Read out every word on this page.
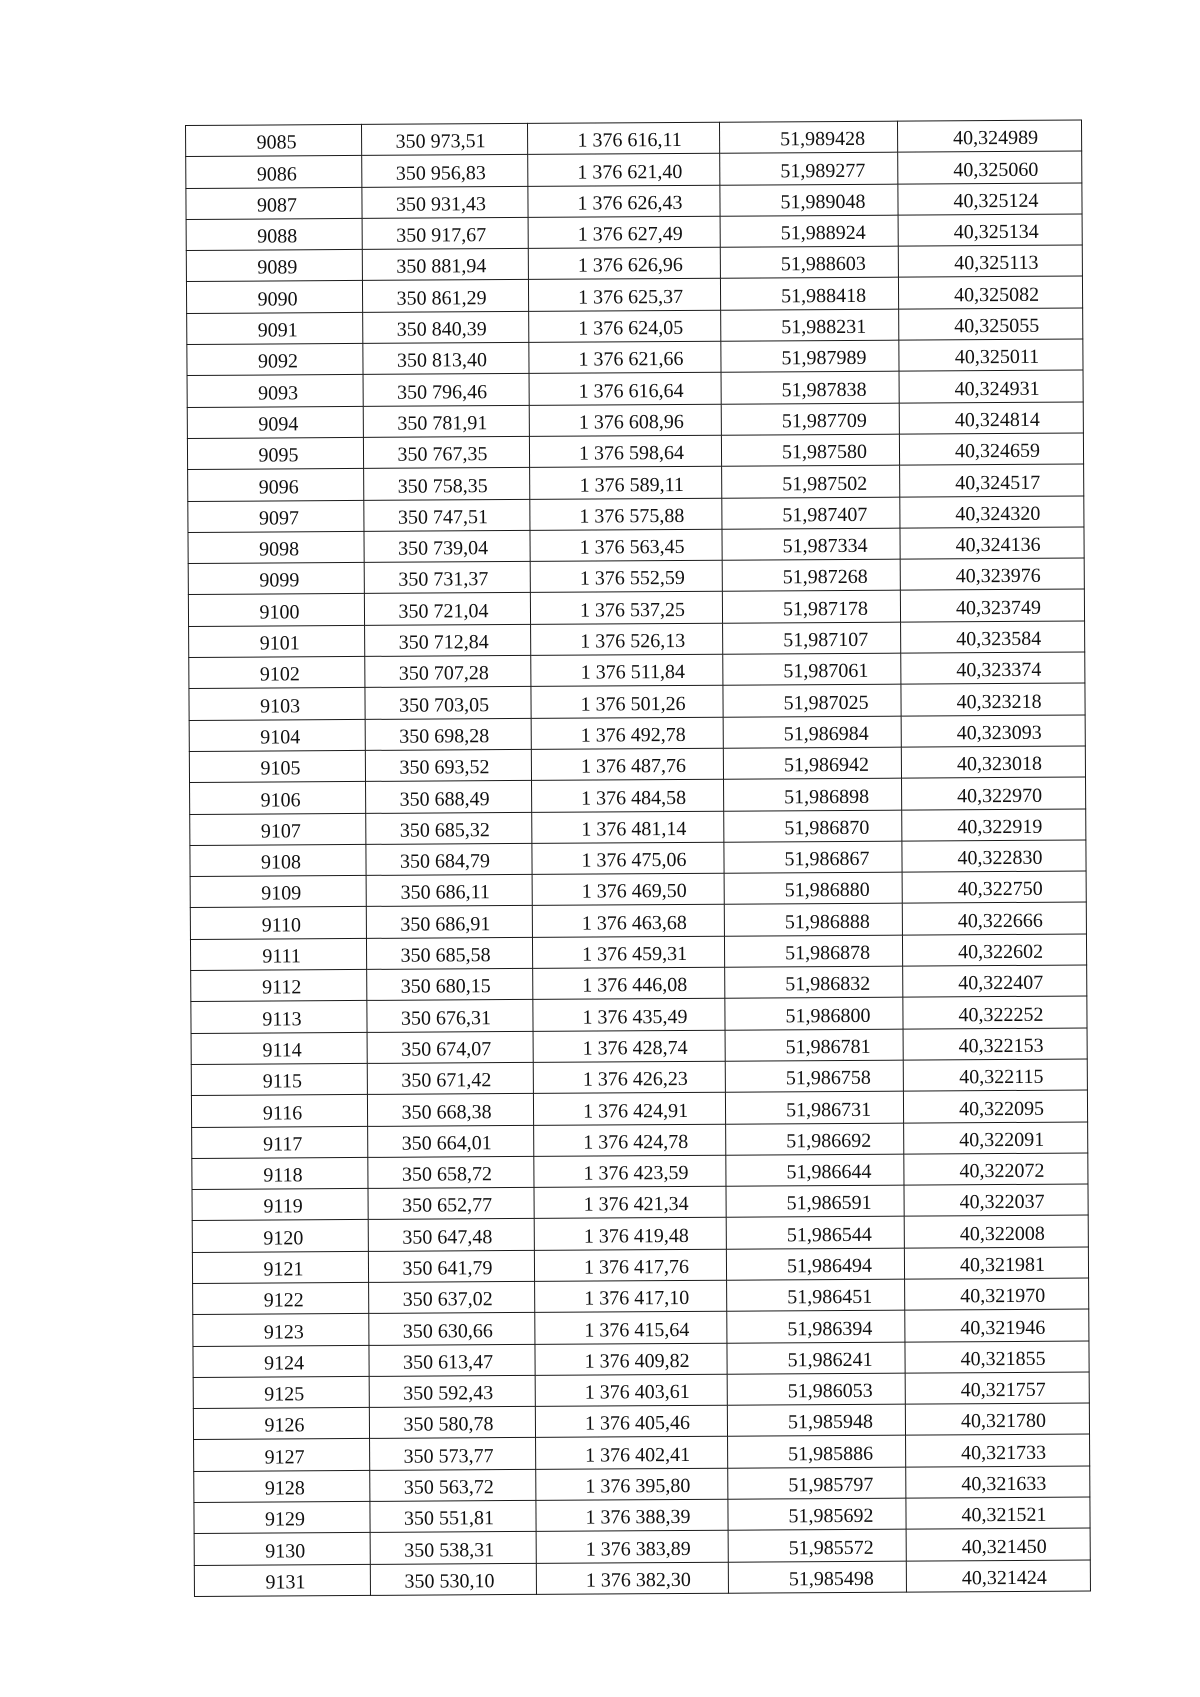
9085	350 973,51	1 376 616,11	51,989428	40,324989
9086	350 956,83	1 376 621,40	51,989277	40,325060
9087	350 931,43	1 376 626,43	51,989048	40,325124
9088	350 917,67	1 376 627,49	51,988924	40,325134
9089	350 881,94	1 376 626,96	51,988603	40,325113
9090	350 861,29	1 376 625,37	51,988418	40,325082
9091	350 840,39	1 376 624,05	51,988231	40,325055
9092	350 813,40	1 376 621,66	51,987989	40,325011
9093	350 796,46	1 376 616,64	51,987838	40,324931
9094	350 781,91	1 376 608,96	51,987709	40,324814
9095	350 767,35	1 376 598,64	51,987580	40,324659
9096	350 758,35	1 376 589,11	51,987502	40,324517
9097	350 747,51	1 376 575,88	51,987407	40,324320
9098	350 739,04	1 376 563,45	51,987334	40,324136
9099	350 731,37	1 376 552,59	51,987268	40,323976
9100	350 721,04	1 376 537,25	51,987178	40,323749
9101	350 712,84	1 376 526,13	51,987107	40,323584
9102	350 707,28	1 376 511,84	51,987061	40,323374
9103	350 703,05	1 376 501,26	51,987025	40,323218
9104	350 698,28	1 376 492,78	51,986984	40,323093
9105	350 693,52	1 376 487,76	51,986942	40,323018
9106	350 688,49	1 376 484,58	51,986898	40,322970
9107	350 685,32	1 376 481,14	51,986870	40,322919
9108	350 684,79	1 376 475,06	51,986867	40,322830
9109	350 686,11	1 376 469,50	51,986880	40,322750
9110	350 686,91	1 376 463,68	51,986888	40,322666
9111	350 685,58	1 376 459,31	51,986878	40,322602
9112	350 680,15	1 376 446,08	51,986832	40,322407
9113	350 676,31	1 376 435,49	51,986800	40,322252
9114	350 674,07	1 376 428,74	51,986781	40,322153
9115	350 671,42	1 376 426,23	51,986758	40,322115
9116	350 668,38	1 376 424,91	51,986731	40,322095
9117	350 664,01	1 376 424,78	51,986692	40,322091
9118	350 658,72	1 376 423,59	51,986644	40,322072
9119	350 652,77	1 376 421,34	51,986591	40,322037
9120	350 647,48	1 376 419,48	51,986544	40,322008
9121	350 641,79	1 376 417,76	51,986494	40,321981
9122	350 637,02	1 376 417,10	51,986451	40,321970
9123	350 630,66	1 376 415,64	51,986394	40,321946
9124	350 613,47	1 376 409,82	51,986241	40,321855
9125	350 592,43	1 376 403,61	51,986053	40,321757
9126	350 580,78	1 376 405,46	51,985948	40,321780
9127	350 573,77	1 376 402,41	51,985886	40,321733
9128	350 563,72	1 376 395,80	51,985797	40,321633
9129	350 551,81	1 376 388,39	51,985692	40,321521
9130	350 538,31	1 376 383,89	51,985572	40,321450
9131	350 530,10	1 376 382,30	51,985498	40,321424
